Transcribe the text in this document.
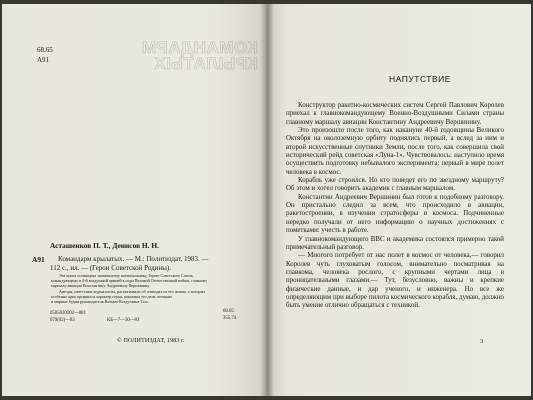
68.65
А91
КОМАНДАРМ КРЫЛАТЫХ
Асташенков П. Т., Денисов Н. Н.
А91 Командарм крылатых. — М.: Политиздат, 1983. —
112 с., ил. — (Герои Советской Родины).
Эта книга посвящена знаменитому военачальнику, Герою Советского Союза,
командующему в 4-й воздушной армией в годы Великой Отечественной войны, главному
маршалу авиации Константину Андреевичу Вершинину.
Авторы, известные журналисты, рассказывали об эпизодах из его жизни, о которых
особенно ярко проявился характер героя, показаны его дела, военные
и мирные будни руководителя Военно-Воздушных Сил.
0505030202—081
079(02)—83	КБ—7—30—83
68.65
355.74
© ПОЛИТИЗДАТ, 1983 г.
НАПУТСТВИЕ

Конструктор ракетно-космических систем Сергей Павлович Королев приехал к главнокомандующему Военно-Воздушными Силами страны главному маршалу авиации Константину Андреевичу Вершинину.

Это произошло после того, как накануне 40-й годовщины Великого Октября на околоземную орбиту поднялись первый, а вслед за ним и второй искусственные спутники Земли, после того, как совершила свой исторический рейд советская «Луна-1». Чувствовалось: наступило время осуществить подготовку небывалого эксперимента: первый в мире полет человека в космос.

Корабль уже строился. Но кто поведет его по звездному маршруту? Об этом и хотел говорить академик с главным маршалом.

Константин Андреевич Вершинин был готов к подобному разговору. Он пристально следил за всем, что происходило в авиации, ракетостроении, в изучении стратосферы и космоса. Подчиненные нередко получали от него информацию о научных достижениях с пометками: учесть в работе.

У главнокомандующего ВВС и академика состоялся примерно такой примечательный разговор.

— Многого потребует от нас полет в космос от человека,— говорил Королев чуть глуховатым голосом, внимательно посматривая на главкома, человека рослого, с крупными чертами лица в проницательными глазами.— Тут, безусловно, важны и крепкие физические данные, и дар ученого, и инженера. Но все же определяющим при выборе пилота космического корабля, думаю, должно быть умение отлично обращаться с техникой.

3
